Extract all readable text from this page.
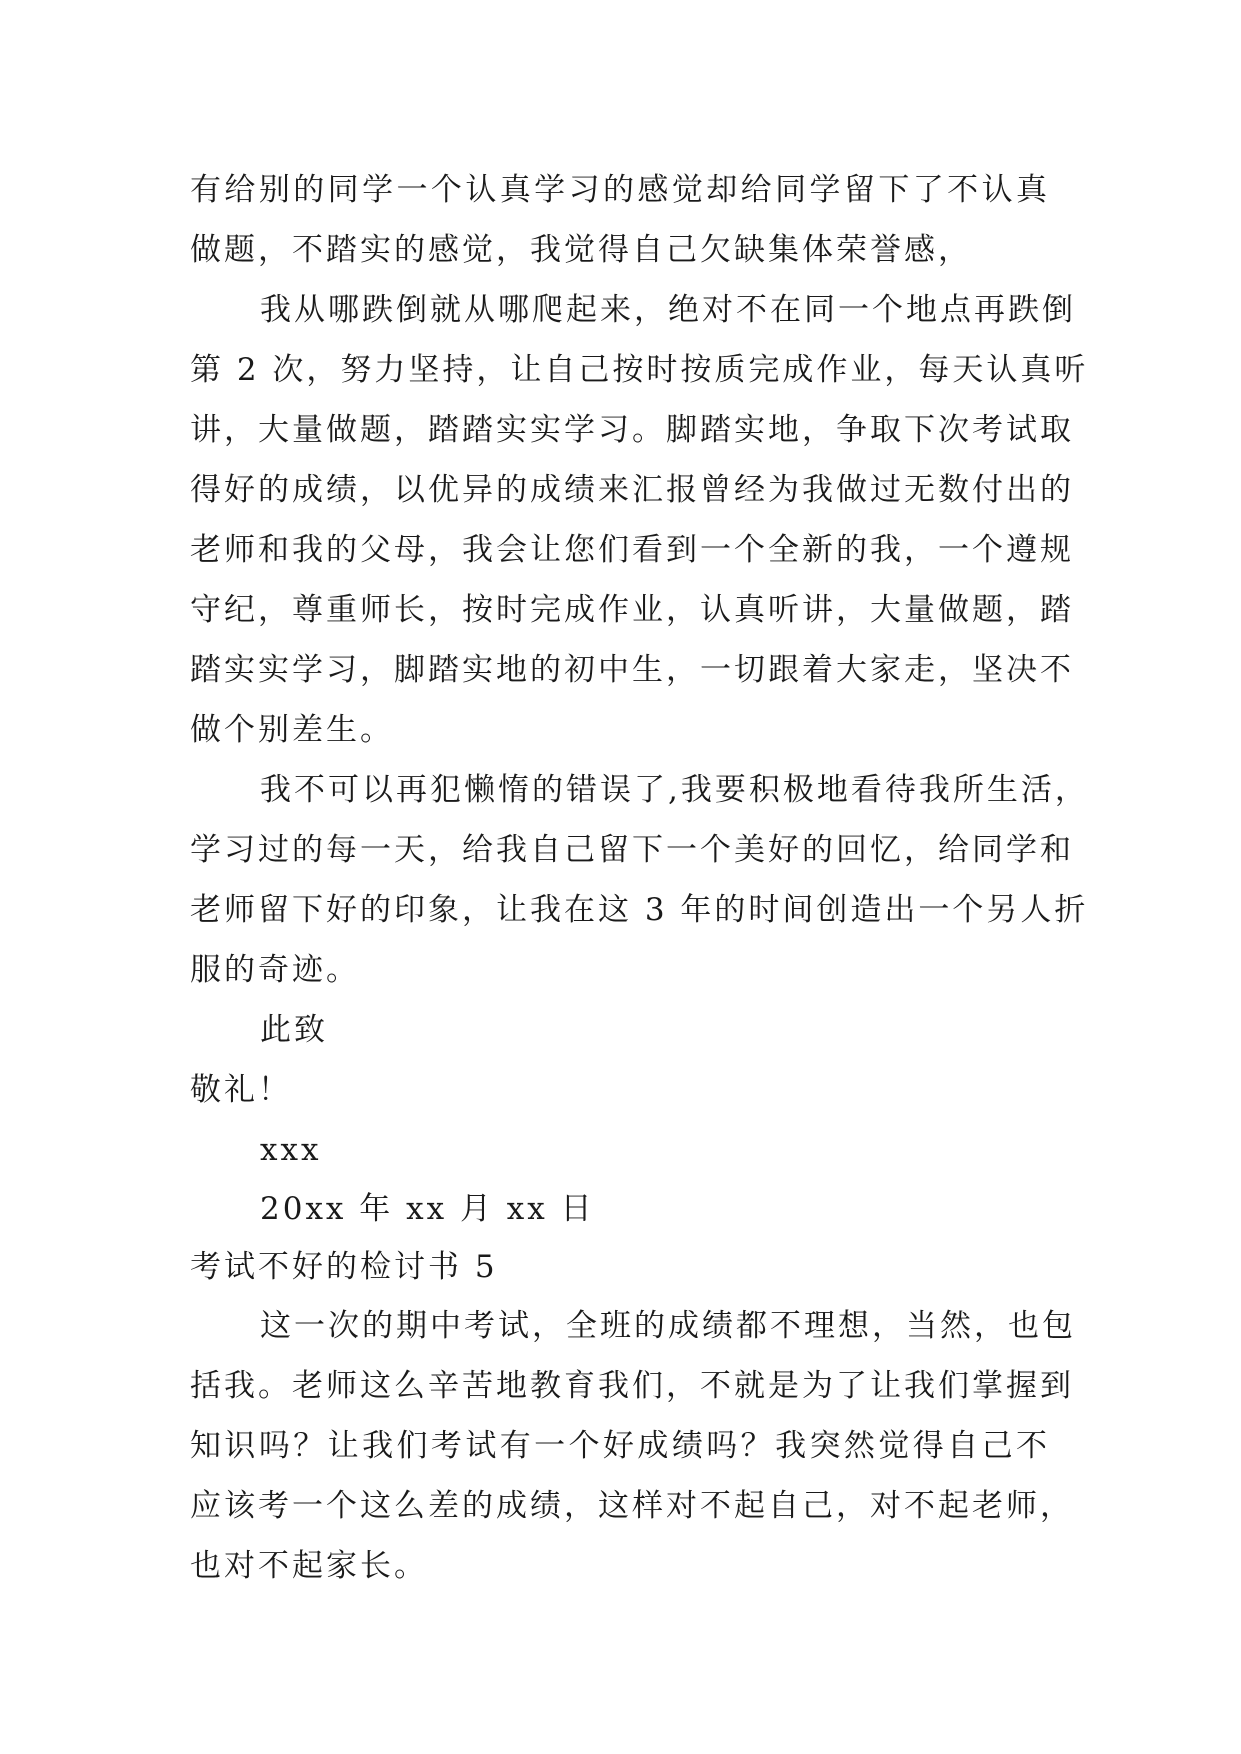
有给别的同学一个认真学习的感觉却给同学留下了不认真
做题，不踏实的感觉，我觉得自己欠缺集体荣誉感，
我从哪跌倒就从哪爬起来，绝对不在同一个地点再跌倒
第 2 次，努力坚持，让自己按时按质完成作业，每天认真听
讲，大量做题，踏踏实实学习。脚踏实地，争取下次考试取
得好的成绩，以优异的成绩来汇报曾经为我做过无数付出的
老师和我的父母，我会让您们看到一个全新的我，一个遵规
守纪，尊重师长，按时完成作业，认真听讲，大量做题，踏
踏实实学习，脚踏实地的初中生，一切跟着大家走，坚决不
做个别差生。
我不可以再犯懒惰的错误了,我要积极地看待我所生活，
学习过的每一天，给我自己留下一个美好的回忆，给同学和
老师留下好的印象，让我在这 3 年的时间创造出一个另人折
服的奇迹。
此致
敬礼！
xxx
20xx 年 xx 月 xx 日
考试不好的检讨书 5
这一次的期中考试，全班的成绩都不理想，当然，也包
括我。老师这么辛苦地教育我们，不就是为了让我们掌握到
知识吗？让我们考试有一个好成绩吗？我突然觉得自己不
应该考一个这么差的成绩，这样对不起自己，对不起老师，
也对不起家长。
